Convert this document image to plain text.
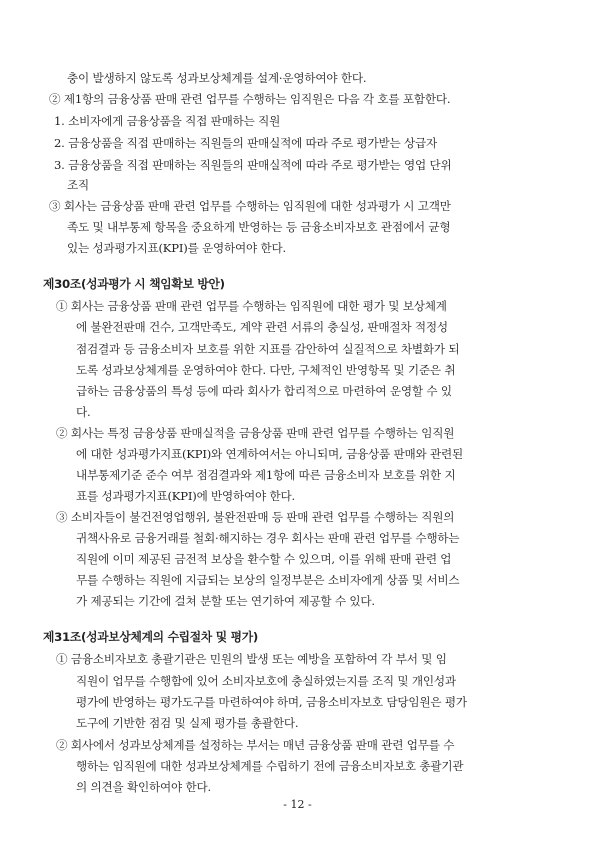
충이 발생하지 않도록 성과보상체계를 설계·운영하여야 한다.
② 제1항의 금융상품 판매 관련 업무를 수행하는 임직원은 다음 각 호를 포함한다.
1. 소비자에게 금융상품을 직접 판매하는 직원
2. 금융상품을 직접 판매하는 직원들의 판매실적에 따라 주로 평가받는 상급자
3. 금융상품을 직접 판매하는 직원들의 판매실적에 따라 주로 평가받는 영업 단위
조직
③ 회사는 금융상품 판매 관련 업무를 수행하는 임직원에 대한 성과평가 시 고객만
족도 및 내부통제 항목을 중요하게 반영하는 등 금융소비자보호 관점에서 균형
있는 성과평가지표(KPI)를 운영하여야 한다.
제30조(성과평가 시 책임확보 방안)
① 회사는 금융상품 판매 관련 업무를 수행하는 임직원에 대한 평가 및 보상체계
에 불완전판매 건수, 고객만족도, 계약 관련 서류의 충실성, 판매절차 적정성
점검결과 등 금융소비자 보호를 위한 지표를 감안하여 실질적으로 차별화가 되
도록 성과보상체계를 운영하여야 한다. 다만, 구체적인 반영항목 및 기준은 취
급하는 금융상품의 특성 등에 따라 회사가 합리적으로 마련하여 운영할 수 있
다.
② 회사는 특정 금융상품 판매실적을 금융상품 판매 관련 업무를 수행하는 임직원
에 대한 성과평가지표(KPI)와 연계하여서는 아니되며, 금융상품 판매와 관련된
내부통제기준 준수 여부 점검결과와 제1항에 따른 금융소비자 보호를 위한 지
표를 성과평가지표(KPI)에 반영하여야 한다.
③ 소비자들이 불건전영업행위, 불완전판매 등 판매 관련 업무를 수행하는 직원의
귀책사유로 금융거래를 철회·해지하는 경우 회사는 판매 관련 업무를 수행하는
직원에 이미 제공된 금전적 보상을 환수할 수 있으며, 이를 위해 판매 관련 업
무를 수행하는 직원에 지급되는 보상의 일정부분은 소비자에게 상품 및 서비스
가 제공되는 기간에 걸쳐 분할 또는 연기하여 제공할 수 있다.
제31조(성과보상체계의 수립절차 및 평가)
① 금융소비자보호 총괄기관은 민원의 발생 또는 예방을 포함하여 각 부서 및 임
직원이 업무를 수행함에 있어 소비자보호에 충실하였는지를 조직 및 개인성과
평가에 반영하는 평가도구를 마련하여야 하며, 금융소비자보호 담당임원은 평가
도구에 기반한 점검 및 실제 평가를 총괄한다.
② 회사에서 성과보상체계를 설정하는 부서는 매년 금융상품 판매 관련 업무를 수
행하는 임직원에 대한 성과보상체계를 수립하기 전에 금융소비자보호 총괄기관
의 의견을 확인하여야 한다.
- 12 -
